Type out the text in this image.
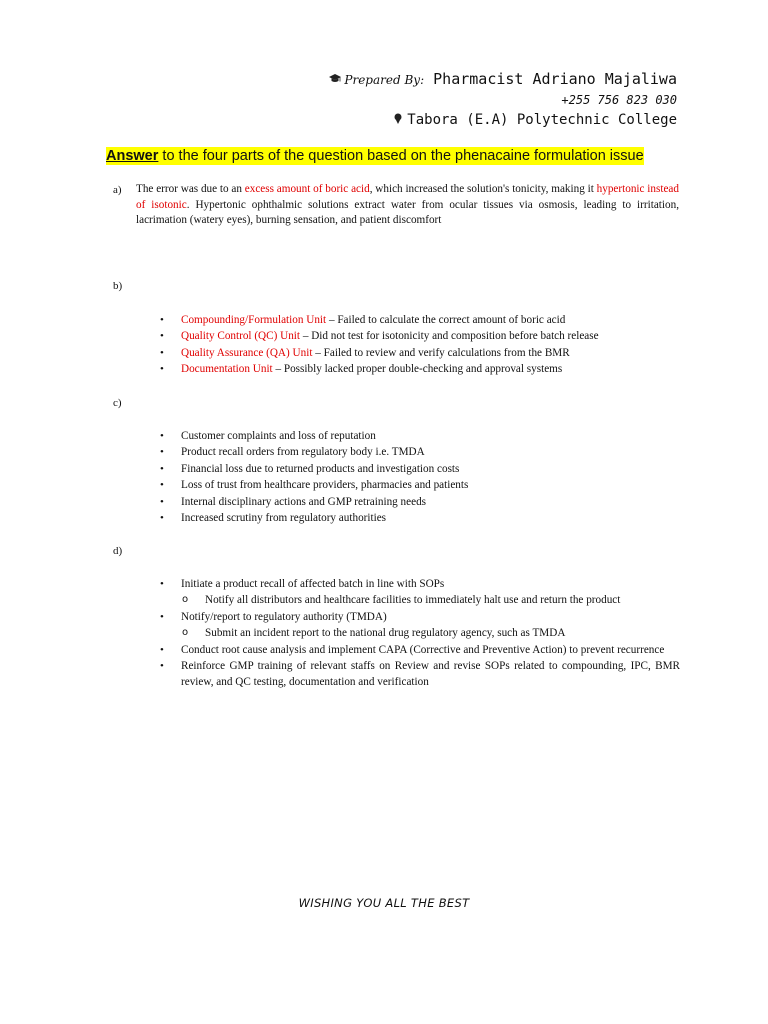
Prepared By: Pharmacist Adriano Majaliwa
+255 756 823 030
Tabora (E.A) Polytechnic College
Answer to the four parts of the question based on the phenacaine formulation issue
a) The error was due to an excess amount of boric acid, which increased the solution's tonicity, making it hypertonic instead of isotonic. Hypertonic ophthalmic solutions extract water from ocular tissues via osmosis, leading to irritation, lacrimation (watery eyes), burning sensation, and patient discomfort
b)
• Compounding/Formulation Unit – Failed to calculate the correct amount of boric acid
• Quality Control (QC) Unit – Did not test for isotonicity and composition before batch release
• Quality Assurance (QA) Unit – Failed to review and verify calculations from the BMR
• Documentation Unit – Possibly lacked proper double-checking and approval systems
c)
• Customer complaints and loss of reputation
• Product recall orders from regulatory body i.e. TMDA
• Financial loss due to returned products and investigation costs
• Loss of trust from healthcare providers, pharmacies and patients
• Internal disciplinary actions and GMP retraining needs
• Increased scrutiny from regulatory authorities
d)
• Initiate a product recall of affected batch in line with SOPs
o Notify all distributors and healthcare facilities to immediately halt use and return the product
• Notify/report to regulatory authority (TMDA)
o Submit an incident report to the national drug regulatory agency, such as TMDA
• Conduct root cause analysis and implement CAPA (Corrective and Preventive Action) to prevent recurrence
• Reinforce GMP training of relevant staffs on Review and revise SOPs related to compounding, IPC, BMR review, and QC testing, documentation and verification
WISHING YOU ALL THE BEST
